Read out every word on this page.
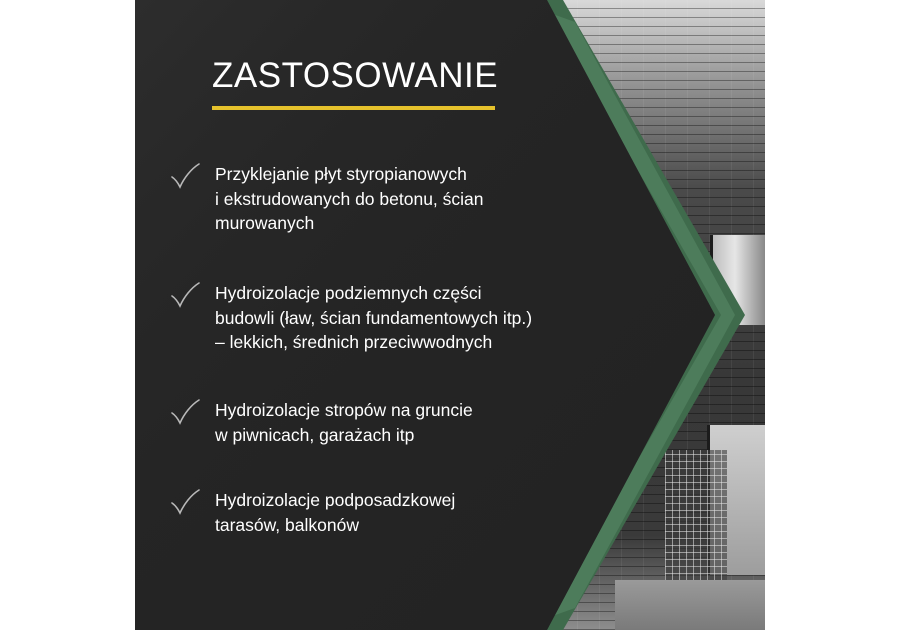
ZASTOSOWANIE
Przyklejanie płyt styropianowych
i ekstrudowanych do betonu, ścian
murowanych
Hydroizolacje podziemnych części
budowli (ław, ścian fundamentowych itp.)
– lekkich, średnich przeciwwodnych
Hydroizolacje stropów na gruncie
w piwnicach, garażach itp
Hydroizolacje podposadzkowej
tarasów, balkonów
